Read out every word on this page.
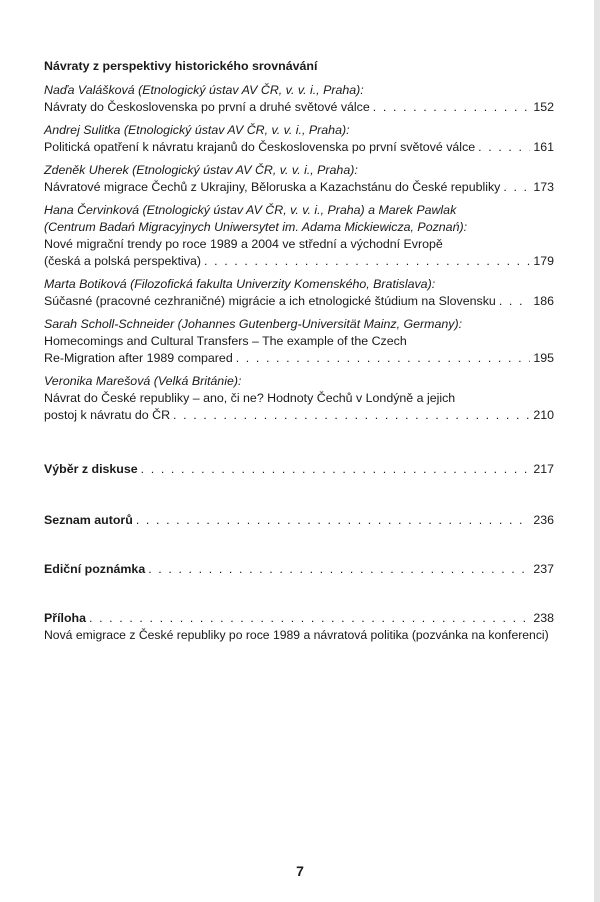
Návraty z perspektivy historického srovnávání
Naďa Valášková (Etnologický ústav AV ČR, v. v. i., Praha):
Návraty do Československa po první a druhé světové válce . . .	152
Andrej Sulitka (Etnologický ústav AV ČR, v. v. i., Praha):
Politická opatření k návratu krajanů do Československa po první světové válce . . .	161
Zdeněk Uherek (Etnologický ústav AV ČR, v. v. i., Praha):
Návratové migrace Čechů z Ukrajiny, Běloruska a Kazachstánu do České republiky . . .	173
Hana Červinková (Etnologický ústav AV ČR, v. v. i., Praha) a Marek Pawlak
(Centrum Badań Migracyjnych Uniwersytet im. Adama Mickiewicza, Poznań):
Nové migrační trendy po roce 1989 a 2004 ve střední a východní Evropě
(česká a polská perspektiva) . . .	179
Marta Botiková (Filozofická fakulta Univerzity Komenského, Bratislava):
Súčasné (pracovné cezhraničné) migrácie a ich etnologické štúdium na Slovensku . . .	186
Sarah Scholl-Schneider (Johannes Gutenberg-Universität Mainz, Germany):
Homecomings and Cultural Transfers – The example of the Czech
Re-Migration after 1989 compared . . .	195
Veronika Marešová (Velká Británie):
Návrat do České republiky – ano, či ne? Hodnoty Čechů v Londýně a jejich
postoj k návratu do ČR . . .	210
Výběr z diskuse . . .	217
Seznam autorů . . .	236
Ediční poznámka . . .	237
Příloha . . .	238
Nová emigrace z České republiky po roce 1989 a návratová politika (pozvánka na konferenci)
7
